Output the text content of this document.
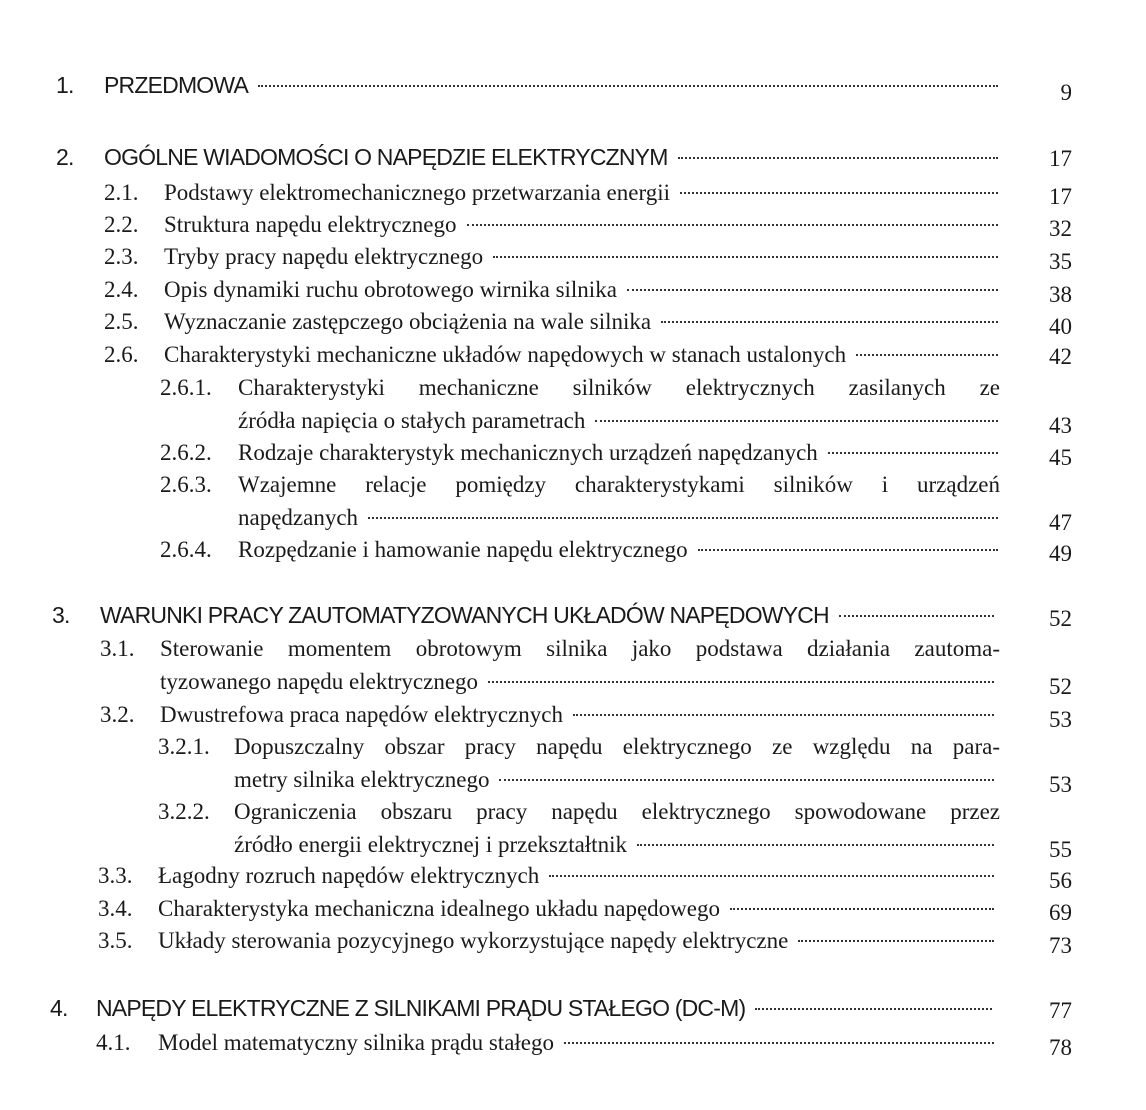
1. PRZEDMOWA	9
2. OGÓLNE WIADOMOŚCI O NAPĘDZIE ELEKTRYCZNYM	17
2.1. Podstawy elektromechanicznego przetwarzania energii	17
2.2. Struktura napędu elektrycznego	32
2.3. Tryby pracy napędu elektrycznego	35
2.4. Opis dynamiki ruchu obrotowego wirnika silnika	38
2.5. Wyznaczanie zastępczego obciążenia na wale silnika	40
2.6. Charakterystyki mechaniczne układów napędowych w stanach ustalonych	42
2.6.1. Charakterystyki mechaniczne silników elektrycznych zasilanych ze
źródła napięcia o stałych parametrach	43
2.6.2. Rodzaje charakterystyk mechanicznych urządzeń napędzanych	45
2.6.3. Wzajemne relacje pomiędzy charakterystykami silników i urządzeń
napędzanych	47
2.6.4. Rozpędzanie i hamowanie napędu elektrycznego	49
3. WARUNKI PRACY ZAUTOMATYZOWANYCH UKŁADÓW NAPĘDOWYCH	52
3.1. Sterowanie momentem obrotowym silnika jako podstawa działania zautoma-
tyzowanego napędu elektrycznego	52
3.2. Dwustrefowa praca napędów elektrycznych	53
3.2.1. Dopuszczalny obszar pracy napędu elektrycznego ze względu na para-
metry silnika elektrycznego	53
3.2.2. Ograniczenia obszaru pracy napędu elektrycznego spowodowane przez
źródło energii elektrycznej i przekształtnik	55
3.3. Łagodny rozruch napędów elektrycznych	56
3.4. Charakterystyka mechaniczna idealnego układu napędowego	69
3.5. Układy sterowania pozycyjnego wykorzystujące napędy elektryczne	73
4. NAPĘDY ELEKTRYCZNE Z SILNIKAMI PRĄDU STAŁEGO (DC-M)	77
4.1. Model matematyczny silnika prądu stałego	78
